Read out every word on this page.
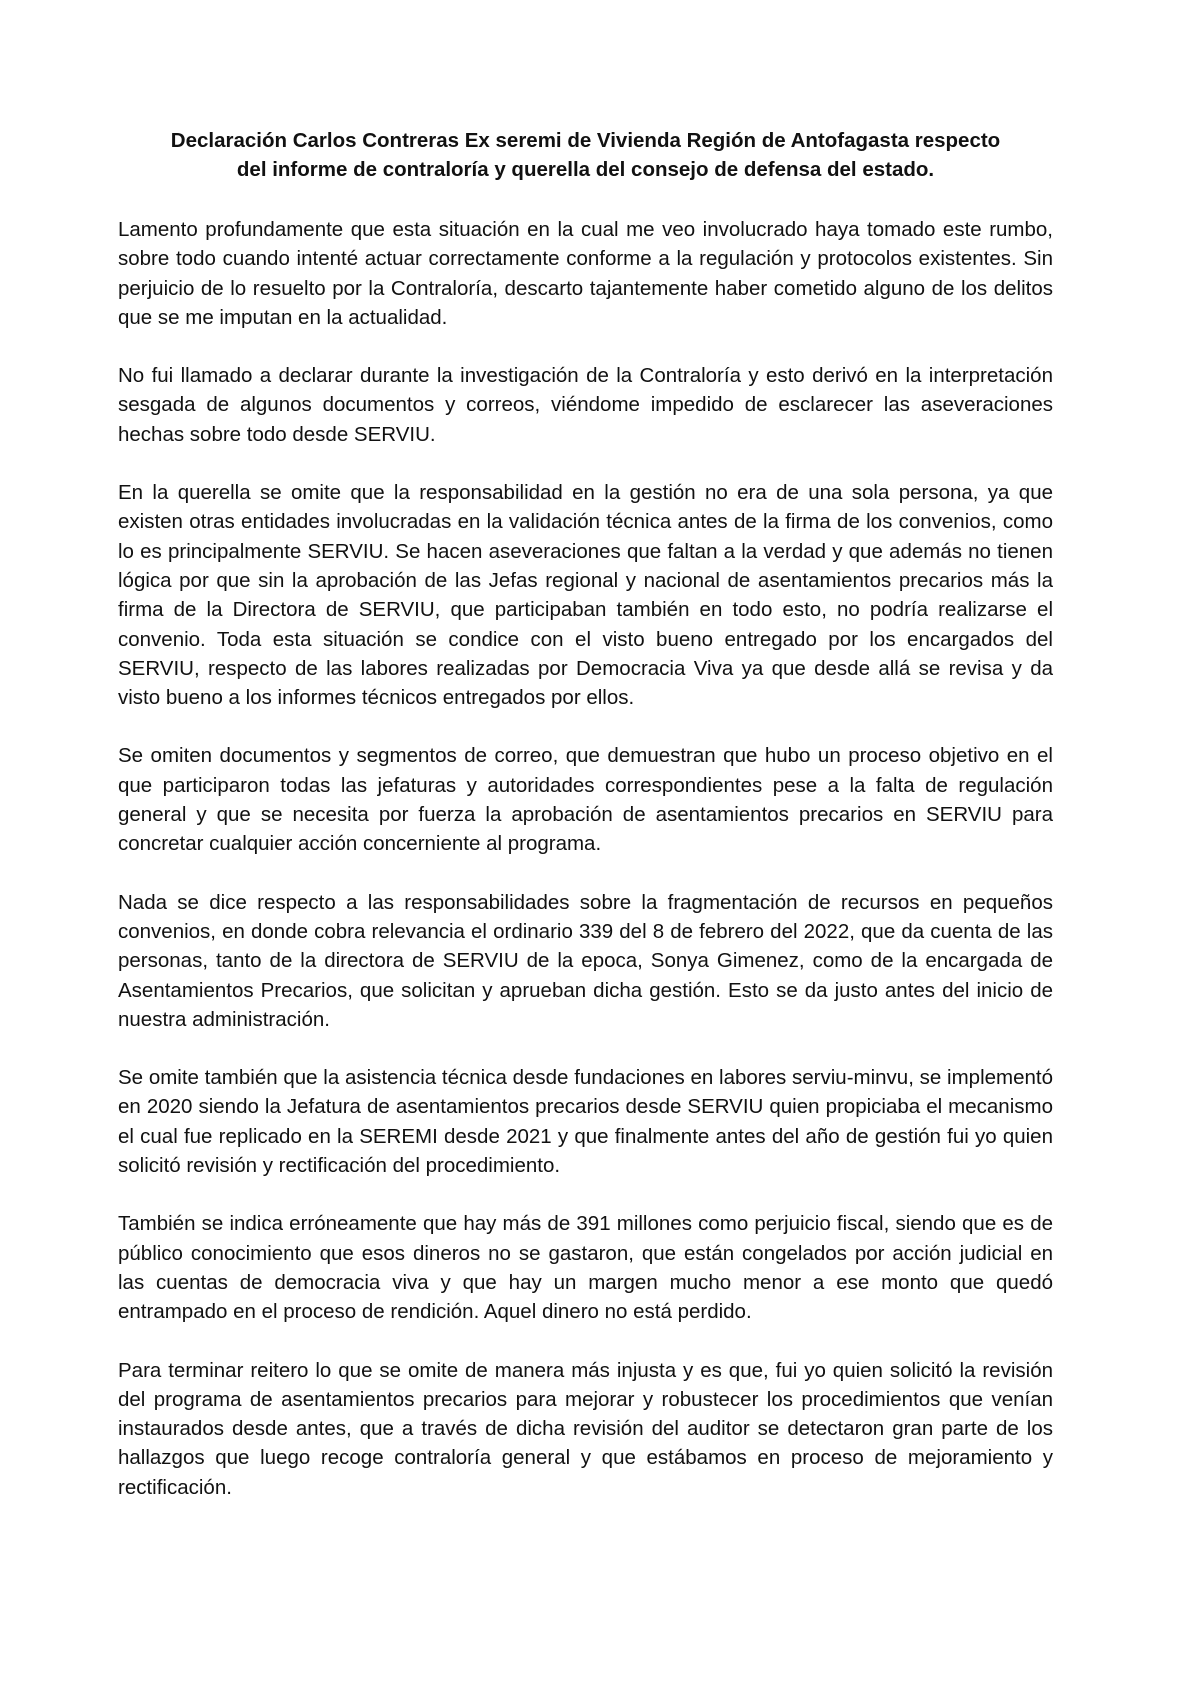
Declaración Carlos Contreras Ex seremi de Vivienda Región de Antofagasta respecto
del informe de contraloría y querella del consejo de defensa del estado.

Lamento profundamente que esta situación en la cual me veo involucrado haya tomado este rumbo, sobre todo cuando intenté actuar correctamente conforme a la regulación y protocolos existentes. Sin perjuicio de lo resuelto por la Contraloría, descarto tajantemente haber cometido alguno de los delitos que se me imputan en la actualidad.

No fui llamado a declarar durante la investigación de la Contraloría y esto derivó en la interpretación sesgada de algunos documentos y correos, viéndome impedido de esclarecer las aseveraciones hechas sobre todo desde SERVIU.

En la querella se omite que la responsabilidad en la gestión no era de una sola persona, ya que existen otras entidades involucradas en la validación técnica antes de la firma de los convenios, como lo es principalmente SERVIU. Se hacen aseveraciones que faltan a la verdad y que además no tienen lógica por que sin la aprobación de las Jefas regional y nacional de asentamientos precarios más la firma de la Directora de SERVIU, que participaban también en todo esto, no podría realizarse el convenio. Toda esta situación se condice con el visto bueno entregado por los encargados del SERVIU, respecto de las labores realizadas por Democracia Viva ya que desde allá se revisa y da visto bueno a los informes técnicos entregados por ellos.

Se omiten documentos y segmentos de correo, que demuestran que hubo un proceso objetivo en el que participaron todas las jefaturas y autoridades correspondientes pese a la falta de regulación general y que se necesita por fuerza la aprobación de asentamientos precarios en SERVIU para concretar cualquier acción concerniente al programa.

Nada se dice respecto a las responsabilidades sobre la fragmentación de recursos en pequeños convenios, en donde cobra relevancia el ordinario 339 del 8 de febrero del 2022, que da cuenta de las personas, tanto de la directora de SERVIU de la epoca, Sonya Gimenez, como de la encargada de Asentamientos Precarios, que solicitan y aprueban dicha gestión. Esto se da justo antes del inicio de nuestra administración.

Se omite también que la asistencia técnica desde fundaciones en labores serviu-minvu, se implementó en 2020 siendo la Jefatura de asentamientos precarios desde SERVIU quien propiciaba el mecanismo el cual fue replicado en la SEREMI desde 2021 y que finalmente antes del año de gestión fui yo quien solicitó revisión y rectificación del procedimiento.

También se indica erróneamente que hay más de 391 millones como perjuicio fiscal, siendo que es de público conocimiento que esos dineros no se gastaron, que están congelados por acción judicial en las cuentas de democracia viva y que hay un margen mucho menor a ese monto que quedó entrampado en el proceso de rendición. Aquel dinero no está perdido.

Para terminar reitero lo que se omite de manera más injusta y es que, fui yo quien solicitó la revisión del programa de asentamientos precarios para mejorar y robustecer los procedimientos que venían instaurados desde antes, que a través de dicha revisión del auditor se detectaron gran parte de los hallazgos que luego recoge contraloría general y que estábamos en proceso de mejoramiento y rectificación.
